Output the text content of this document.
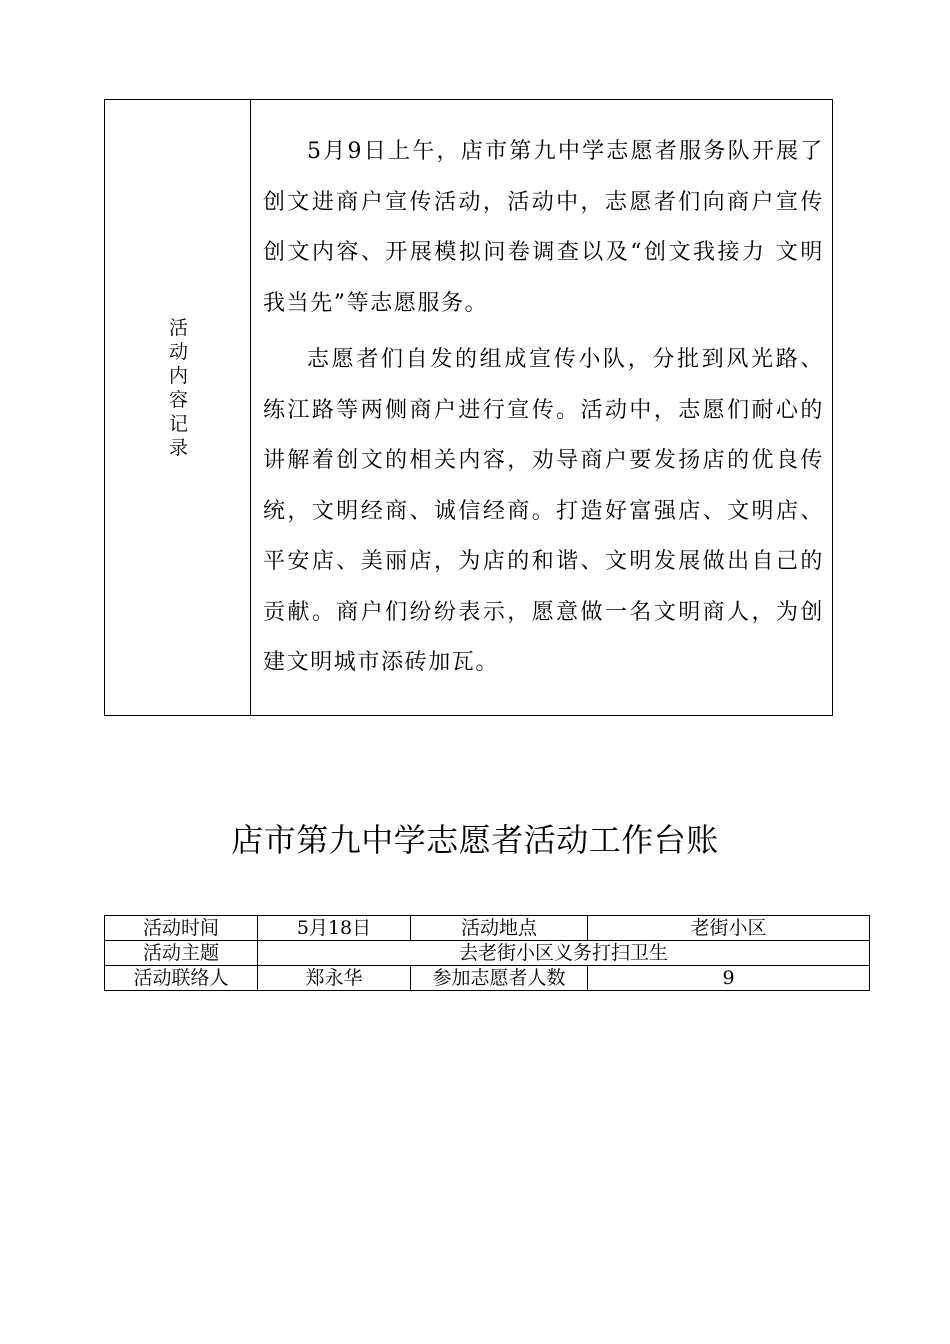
活动内容记录

5月9日上午，店市第九中学志愿者服务队开展了创文进商户宣传活动，活动中，志愿者们向商户宣传创文内容、开展模拟问卷调查以及“创文我接力 文明我当先”等志愿服务。

志愿者们自发的组成宣传小队，分批到风光路、练江路等两侧商户进行宣传。活动中，志愿们耐心的讲解着创文的相关内容，劝导商户要发扬店的优良传统，文明经商、诚信经商。打造好富强店、文明店、平安店、美丽店，为店的和谐、文明发展做出自己的贡献。商户们纷纷表示，愿意做一名文明商人，为创建文明城市添砖加瓦。

店市第九中学志愿者活动工作台账
活动时间	5月18日	活动地点	老街小区
活动主题	去老街小区义务打扫卫生		
活动联络人	郑永华	参加志愿者人数	9
